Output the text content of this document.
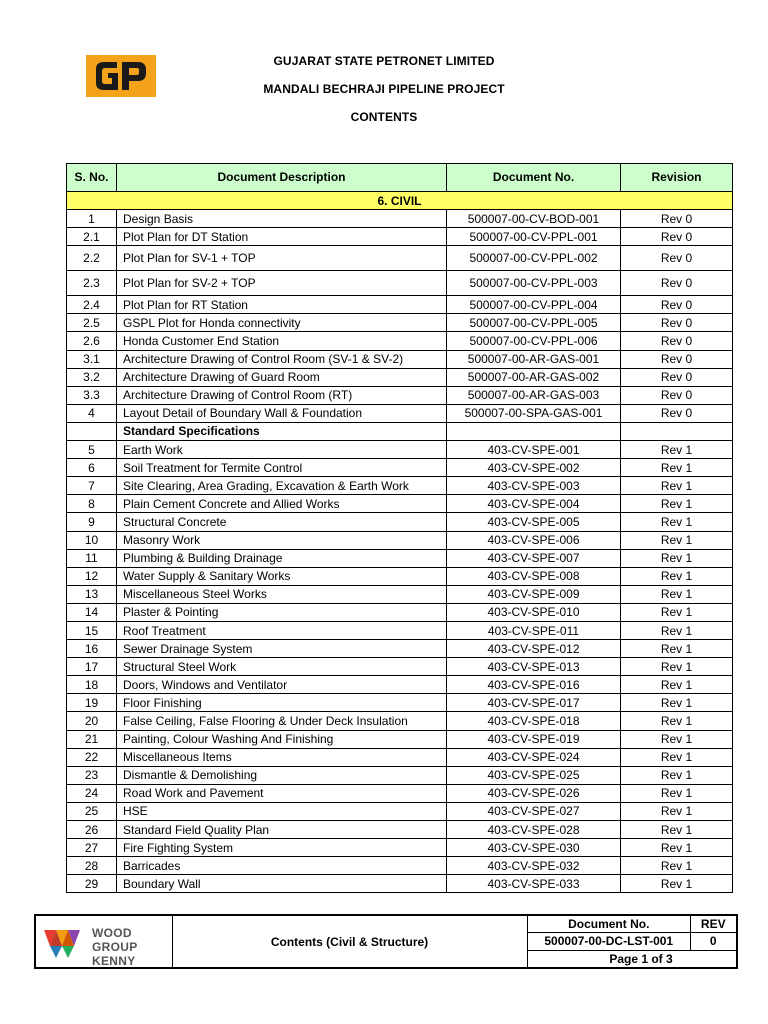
GUJARAT STATE PETRONET LIMITED
MANDALI BECHRAJI PIPELINE PROJECT
CONTENTS
S. No.	Document Description	Document No.	Revision
6. CIVIL			
1	Design Basis	500007-00-CV-BOD-001	Rev 0
2.1	Plot Plan for DT Station	500007-00-CV-PPL-001	Rev 0
2.2	Plot Plan for SV-1 + TOP	500007-00-CV-PPL-002	Rev 0
2.3	Plot Plan for SV-2 + TOP	500007-00-CV-PPL-003	Rev 0
2.4	Plot Plan for RT Station	500007-00-CV-PPL-004	Rev 0
2.5	GSPL Plot for Honda connectivity	500007-00-CV-PPL-005	Rev 0
2.6	Honda Customer End Station	500007-00-CV-PPL-006	Rev 0
3.1	Architecture Drawing of Control Room (SV-1 & SV-2)	500007-00-AR-GAS-001	Rev 0
3.2	Architecture Drawing of Guard Room	500007-00-AR-GAS-002	Rev 0
3.3	Architecture Drawing of Control Room (RT)	500007-00-AR-GAS-003	Rev 0
4	Layout Detail of Boundary Wall & Foundation	500007-00-SPA-GAS-001	Rev 0
	Standard Specifications		
5	Earth Work	403-CV-SPE-001	Rev 1
6	Soil Treatment for Termite Control	403-CV-SPE-002	Rev 1
7	Site Clearing, Area Grading, Excavation & Earth Work	403-CV-SPE-003	Rev 1
8	Plain Cement Concrete and Allied Works	403-CV-SPE-004	Rev 1
9	Structural Concrete	403-CV-SPE-005	Rev 1
10	Masonry Work	403-CV-SPE-006	Rev 1
11	Plumbing & Building Drainage	403-CV-SPE-007	Rev 1
12	Water Supply & Sanitary Works	403-CV-SPE-008	Rev 1
13	Miscellaneous Steel Works	403-CV-SPE-009	Rev 1
14	Plaster & Pointing	403-CV-SPE-010	Rev 1
15	Roof Treatment	403-CV-SPE-011	Rev 1
16	Sewer Drainage System	403-CV-SPE-012	Rev 1
17	Structural Steel Work	403-CV-SPE-013	Rev 1
18	Doors, Windows and Ventilator	403-CV-SPE-016	Rev 1
19	Floor Finishing	403-CV-SPE-017	Rev 1
20	False Ceiling, False Flooring & Under Deck Insulation	403-CV-SPE-018	Rev 1
21	Painting, Colour Washing And Finishing	403-CV-SPE-019	Rev 1
22	Miscellaneous Items	403-CV-SPE-024	Rev 1
23	Dismantle & Demolishing	403-CV-SPE-025	Rev 1
24	Road Work and Pavement	403-CV-SPE-026	Rev 1
25	HSE	403-CV-SPE-027	Rev 1
26	Standard Field Quality Plan	403-CV-SPE-028	Rev 1
27	Fire Fighting System	403-CV-SPE-030	Rev 1
28	Barricades	403-CV-SPE-032	Rev 1
29	Boundary Wall	403-CV-SPE-033	Rev 1
WOOD GROUP
KENNY
Contents (Civil & Structure)
Document No.	REV
500007-00-DC-LST-001	0

Page 1 of 3
